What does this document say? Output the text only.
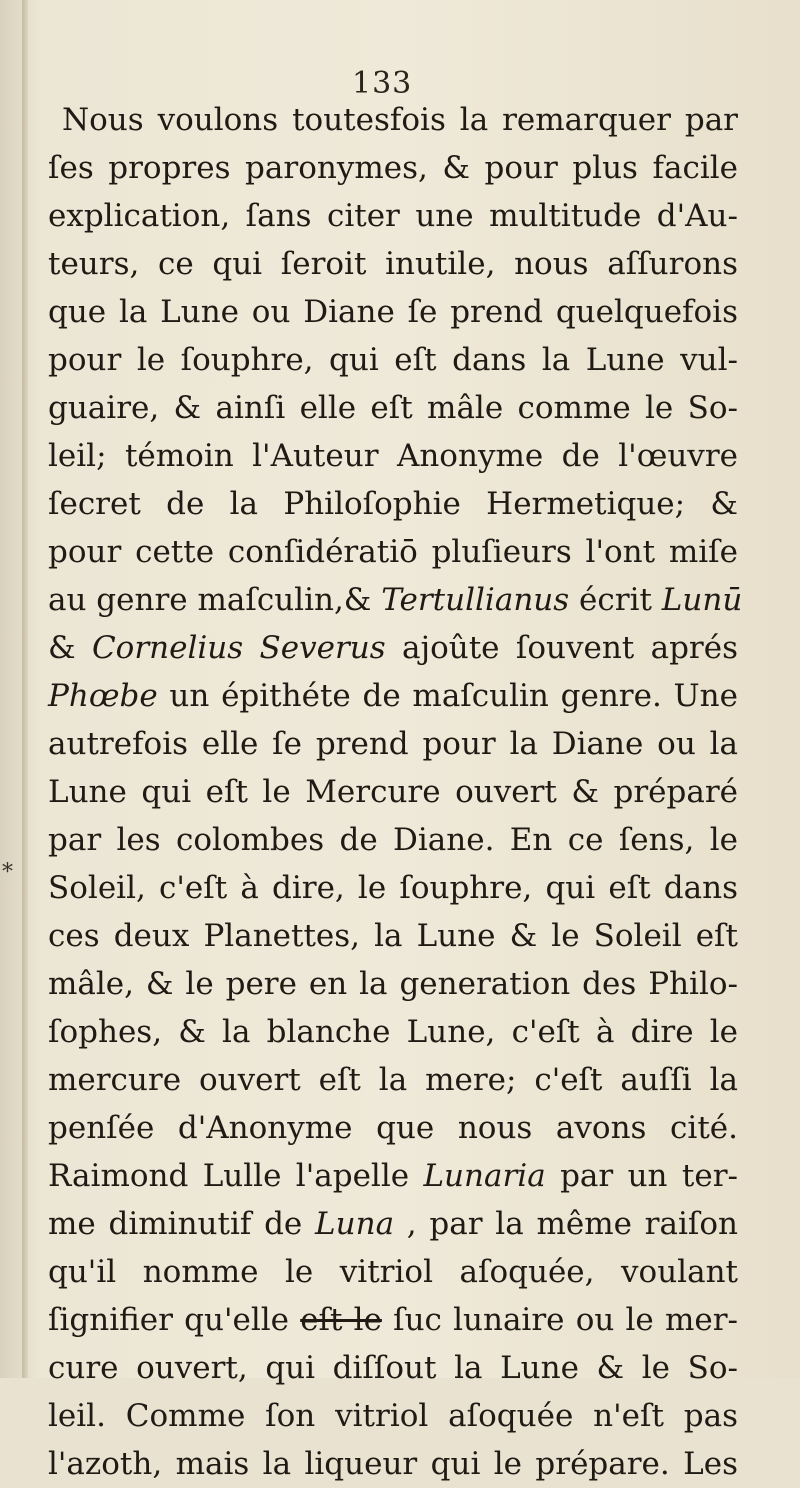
133
*
Nous voulons toutesfois la remarquer par
ſes propres paronymes, & pour plus facile
explication, ſans citer une multitude d'Au-
teurs, ce qui ſeroit inutile, nous aſſurons
que la Lune ou Diane ſe prend quelquefois
pour le ſouphre, qui eſt dans la Lune vul-
guaire, & ainſi elle eſt mâle comme le So-
leil; témoin l'Auteur Anonyme de l'œuvre
ſecret de la Philoſophie Hermetique; &
pour cette conſidératiō pluſieurs l'ont miſe
au genre maſculin,& Tertullianus écrit Lunū
& Cornelius Severus ajoûte ſouvent aprés
Phœbe un épithéte de maſculin genre. Une
autrefois elle ſe prend pour la Diane ou la
Lune qui eſt le Mercure ouvert & préparé
par les colombes de Diane. En ce ſens, le
Soleil, c'eſt à dire, le ſouphre, qui eſt dans
ces deux Planettes, la Lune & le Soleil eſt
mâle, & le pere en la generation des Philo-
ſophes, & la blanche Lune, c'eſt à dire le
mercure ouvert eſt la mere; c'eſt auſſi la
penſée d'Anonyme que nous avons cité.
Raimond Lulle l'apelle Lunaria par un ter-
me diminutif de Luna , par la même raiſon
qu'il nomme le vitriol aſoquée, voulant
ſignifier qu'elle eſt le ſuc lunaire ou le mer-
cure ouvert, qui diſſout la Lune & le So-
leil. Comme ſon vitriol aſoquée n'eſt pas
l'azoth, mais la liqueur qui le prépare. Les
